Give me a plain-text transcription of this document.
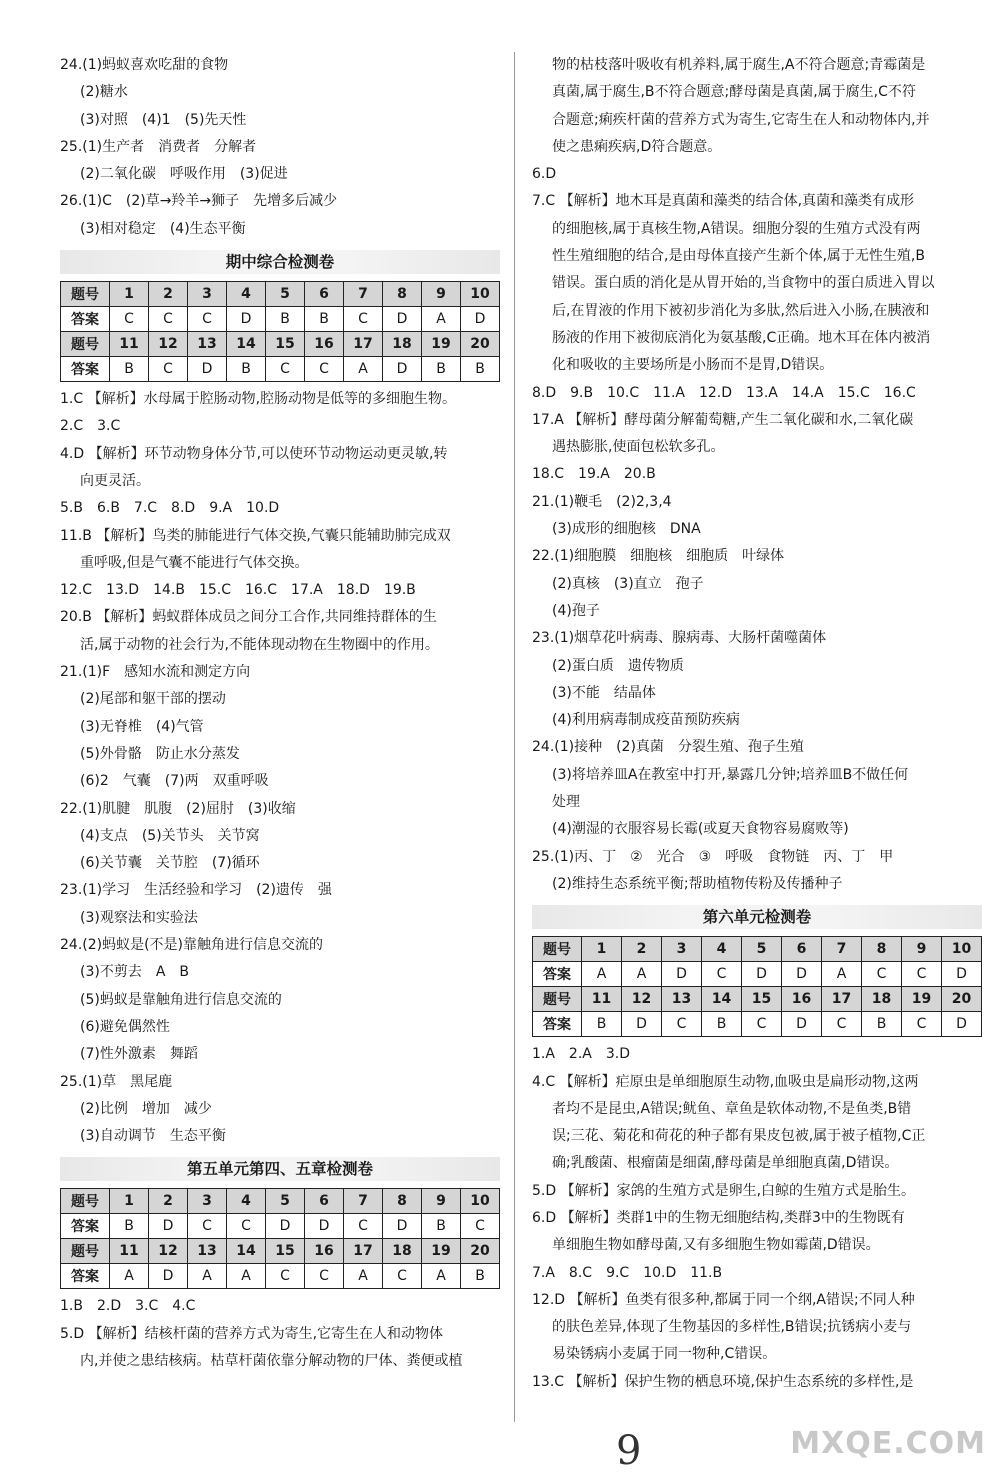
24.(1)蚂蚁喜欢吃甜的食物

(2)糖水

(3)对照　(4)1　(5)先天性

25.(1)生产者　消费者　分解者

(2)二氧化碳　呼吸作用　(3)促进

26.(1)C　(2)草→羚羊→狮子　先增多后减少

(3)相对稳定　(4)生态平衡

期中综合检测卷
题号	1	2	3	4	5	6	7	8	9	10
答案	C	C	C	D	B	B	C	D	A	D
题号	11	12	13	14	15	16	17	18	19	20
答案	B	C	D	B	C	C	A	D	B	B

1.C 【解析】水母属于腔肠动物,腔肠动物是低等的多细胞生物。

2.C　3.C

4.D 【解析】环节动物身体分节,可以使环节动物运动更灵敏,转

向更灵活。

5.B　6.B　7.C　8.D　9.A　10.D

11.B 【解析】鸟类的肺能进行气体交换,气囊只能辅助肺完成双

重呼吸,但是气囊不能进行气体交换。

12.C　13.D　14.B　15.C　16.C　17.A　18.D　19.B

20.B 【解析】蚂蚁群体成员之间分工合作,共同维持群体的生

活,属于动物的社会行为,不能体现动物在生物圈中的作用。

21.(1)F　感知水流和测定方向

(2)尾部和躯干部的摆动

(3)无脊椎　(4)气管

(5)外骨骼　防止水分蒸发

(6)2　气囊　(7)两　双重呼吸

22.(1)肌腱　肌腹　(2)屈肘　(3)收缩

(4)支点　(5)关节头　关节窝

(6)关节囊　关节腔　(7)循环

23.(1)学习　生活经验和学习　(2)遗传　强

(3)观察法和实验法

24.(2)蚂蚁是(不是)靠触角进行信息交流的

(3)不剪去　A　B

(5)蚂蚁是靠触角进行信息交流的

(6)避免偶然性

(7)性外激素　舞蹈

25.(1)草　黑尾鹿

(2)比例　增加　减少

(3)自动调节　生态平衡

第五单元第四、五章检测卷
题号	1	2	3	4	5	6	7	8	9	10
答案	B	D	C	C	D	D	C	D	B	C
题号	11	12	13	14	15	16	17	18	19	20
答案	A	D	A	A	C	C	A	C	A	B

1.B　2.D　3.C　4.C

5.D 【解析】结核杆菌的营养方式为寄生,它寄生在人和动物体

内,并使之患结核病。枯草杆菌依靠分解动物的尸体、粪便或植

物的枯枝落叶吸收有机养料,属于腐生,A不符合题意;青霉菌是

真菌,属于腐生,B不符合题意;酵母菌是真菌,属于腐生,C不符

合题意;痢疾杆菌的营养方式为寄生,它寄生在人和动物体内,并

使之患痢疾病,D符合题意。

6.D

7.C 【解析】地木耳是真菌和藻类的结合体,真菌和藻类有成形

的细胞核,属于真核生物,A错误。细胞分裂的生殖方式没有两

性生殖细胞的结合,是由母体直接产生新个体,属于无性生殖,B

错误。蛋白质的消化是从胃开始的,当食物中的蛋白质进入胃以

后,在胃液的作用下被初步消化为多肽,然后进入小肠,在胰液和

肠液的作用下被彻底消化为氨基酸,C正确。地木耳在体内被消

化和吸收的主要场所是小肠而不是胃,D错误。

8.D　9.B　10.C　11.A　12.D　13.A　14.A　15.C　16.C

17.A 【解析】酵母菌分解葡萄糖,产生二氧化碳和水,二氧化碳

遇热膨胀,使面包松软多孔。

18.C　19.A　20.B

21.(1)鞭毛　(2)2,3,4

(3)成形的细胞核　DNA

22.(1)细胞膜　细胞核　细胞质　叶绿体

(2)真核　(3)直立　孢子

(4)孢子

23.(1)烟草花叶病毒、腺病毒、大肠杆菌噬菌体

(2)蛋白质　遗传物质

(3)不能　结晶体

(4)利用病毒制成疫苗预防疾病

24.(1)接种　(2)真菌　分裂生殖、孢子生殖

(3)将培养皿A在教室中打开,暴露几分钟;培养皿B不做任何

处理

(4)潮湿的衣服容易长霉(或夏天食物容易腐败等)

25.(1)丙、丁　②　光合　③　呼吸　食物链　丙、丁　甲

(2)维持生态系统平衡;帮助植物传粉及传播种子

第六单元检测卷
题号	1	2	3	4	5	6	7	8	9	10
答案	A	A	D	C	D	D	A	C	C	D
题号	11	12	13	14	15	16	17	18	19	20
答案	B	D	C	B	C	D	C	B	C	D

1.A　2.A　3.D

4.C 【解析】疟原虫是单细胞原生动物,血吸虫是扁形动物,这两

者均不是昆虫,A错误;鱿鱼、章鱼是软体动物,不是鱼类,B错

误;三花、菊花和荷花的种子都有果皮包被,属于被子植物,C正

确;乳酸菌、根瘤菌是细菌,酵母菌是单细胞真菌,D错误。

5.D 【解析】家鸽的生殖方式是卵生,白鲸的生殖方式是胎生。

6.D 【解析】类群1中的生物无细胞结构,类群3中的生物既有

单细胞生物如酵母菌,又有多细胞生物如霉菌,D错误。

7.A　8.C　9.C　10.D　11.B

12.D 【解析】鱼类有很多种,都属于同一个纲,A错误;不同人种

的肤色差异,体现了生物基因的多样性,B错误;抗锈病小麦与

易染锈病小麦属于同一物种,C错误。

13.C 【解析】保护生物的栖息环境,保护生态系统的多样性,是

9	MXQE.COM
